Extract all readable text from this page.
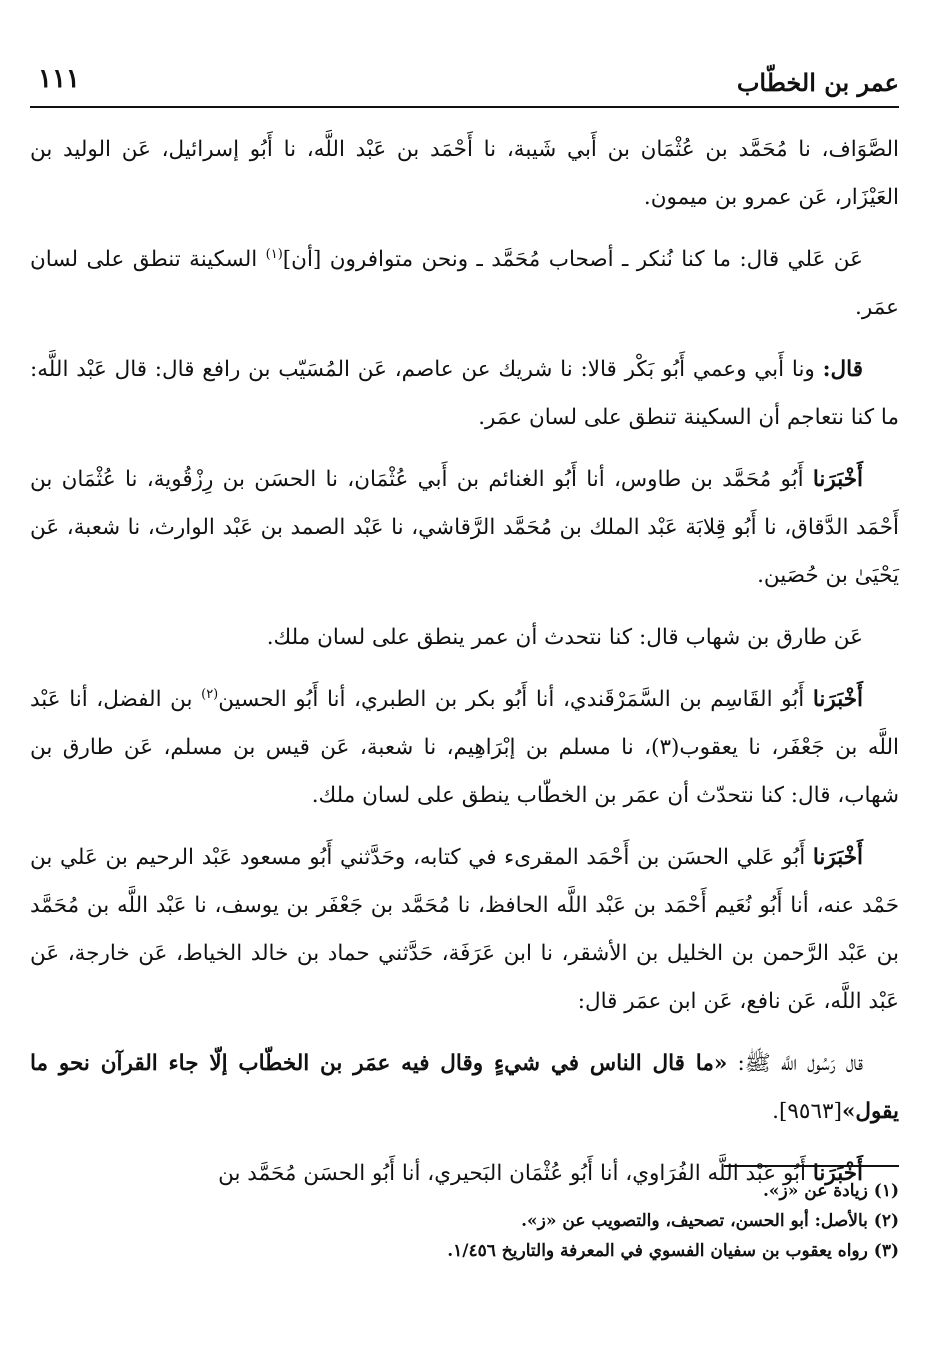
عمر بن الخطّاب
١١١

الصَّوَاف، نا مُحَمَّد بن عُثْمَان بن أَبي شَيبة، نا أَحْمَد بن عَبْد اللَّه، نا أَبُو إسرائيل، عَن الوليد بن العَيْزَار، عَن عمرو بن ميمون.

عَن عَلي قال: ما كنا نُنكر ـ أصحاب مُحَمَّد ـ ونحن متوافرون [أن]$^{(١)}$ السكينة تنطق على لسان عمَر.

قال: ونا أَبي وعمي أَبُو بَكْر قالا: نا شريك عن عاصم، عَن المُسَيّب بن رافع قال: قال عَبْد اللَّه: ما كنا نتعاجم أن السكينة تنطق على لسان عمَر.

أَخْبَرَنا أَبُو مُحَمَّد بن طاوس، أنا أَبُو الغنائم بن أَبي عُثْمَان، نا الحسَن بن رِزْقُوية، نا عُثْمَان بن أَحْمَد الدَّقاق، نا أَبُو قِلابَة عَبْد الملك بن مُحَمَّد الرَّقاشي، نا عَبْد الصمد بن عَبْد الوارث، نا شعبة، عَن يَحْيَىٰ بن حُصَين.

عَن طارق بن شهاب قال: كنا نتحدث أن عمر ينطق على لسان ملك.

أَخْبَرَنا أَبُو القَاسِم بن السَّمَرْقَندي، أنا أَبُو بكر بن الطبري، أنا أَبُو الحسين$^{(٢)}$ بن الفضل، أنا عَبْد اللَّه بن جَعْفَر، نا يعقوب(٣)، نا مسلم بن إبْرَاهِيم، نا شعبة، عَن قيس بن مسلم، عَن طارق بن شهاب، قال: كنا نتحدّث أن عمَر بن الخطّاب ينطق على لسان ملك.

أَخْبَرَنا أَبُو عَلي الحسَن بن أَحْمَد المقرىء في كتابه، وحَدَّثني أَبُو مسعود عَبْد الرحيم بن عَلي بن حَمْد عنه، أنا أَبُو نُعَيم أَحْمَد بن عَبْد اللَّه الحافظ، نا مُحَمَّد بن جَعْفَر بن يوسف، نا عَبْد اللَّه بن مُحَمَّد بن عَبْد الرَّحمن بن الخليل بن الأشقر، نا ابن عَرَفَة، حَدَّثني حماد بن خالد الخياط، عَن خارجة، عَن عَبْد اللَّه، عَن نافع، عَن ابن عمَر قال:

قال رَسُول اللَّه ﷺ: «ما قال الناس في شيءٍ وقال فيه عمَر بن الخطّاب إلّا جاء القرآن نحو ما يقول»[٩٥٦٣].

أَخْبَرَنا أَبُو عَبْد اللَّه الفُرَاوي، أنا أَبُو عُثْمَان البَحيري، أنا أَبُو الحسَن مُحَمَّد بن

(١) زيادة عن «ز».
(٢) بالأصل: أبو الحسن، تصحيف، والتصويب عن «ز».
(٣) رواه يعقوب بن سفيان الفسوي في المعرفة والتاريخ ١/٤٥٦.
